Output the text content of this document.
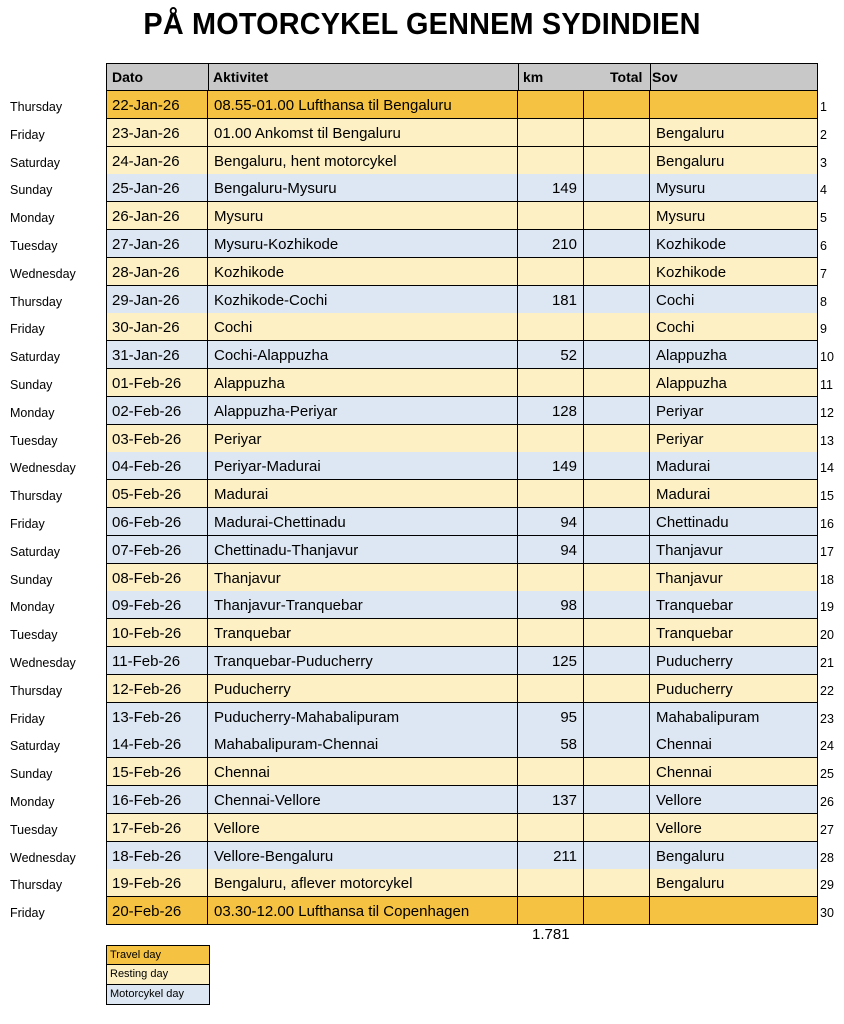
PÅ MOTORCYKEL GENNEM SYDINDIEN
Dato	Aktivitet	km	Total Sov
Thursday	22-Jan-26 08.55-01.00 Lufthansa til Bengaluru	1
Friday	23-Jan-26 01.00 Ankomst til Bengaluru	Bengaluru	2
Saturday	24-Jan-26 Bengaluru, hent motorcykel	Bengaluru	3
Sunday	25-Jan-26 Bengaluru-Mysuru	149	Mysuru	4
Monday	26-Jan-26 Mysuru	Mysuru	5
Tuesday	27-Jan-26 Mysuru-Kozhikode	210	Kozhikode	6
Wednesday 28-Jan-26 Kozhikode	Kozhikode	7
Thursday	29-Jan-26 Kozhikode-Cochi	181	Cochi	8
Friday	30-Jan-26 Cochi	Cochi	9
Saturday	31-Jan-26 Cochi-Alappuzha	52	Alappuzha	10
Sunday	01-Feb-26 Alappuzha	Alappuzha	11
Monday	02-Feb-26 Alappuzha-Periyar	128	Periyar	12
Tuesday	03-Feb-26 Periyar	Periyar	13
Wednesday 04-Feb-26 Periyar-Madurai	149	Madurai	14
Thursday	05-Feb-26 Madurai	Madurai	15
Friday	06-Feb-26 Madurai-Chettinadu	94	Chettinadu	16
Saturday	07-Feb-26 Chettinadu-Thanjavur	94	Thanjavur	17
Sunday	08-Feb-26 Thanjavur	Thanjavur	18
Monday	09-Feb-26 Thanjavur-Tranquebar	98	Tranquebar	19
Tuesday	10-Feb-26 Tranquebar	Tranquebar	20
Wednesday 11-Feb-26 Tranquebar-Puducherry	125	Puducherry	21
Thursday	12-Feb-26 Puducherry	Puducherry	22
Friday	13-Feb-26 Puducherry-Mahabalipuram	95	Mahabalipuram	23
Saturday	14-Feb-26 Mahabalipuram-Chennai	58	Chennai	24
Sunday	15-Feb-26 Chennai	Chennai	25
Monday	16-Feb-26 Chennai-Vellore	137	Vellore	26
Tuesday	17-Feb-26 Vellore	Vellore	27
Wednesday 18-Feb-26 Vellore-Bengaluru	211	Bengaluru	28
Thursday	19-Feb-26 Bengaluru, aflever motorcykel	Bengaluru	29
Friday	20-Feb-26 03.30-12.00 Lufthansa til Copenhagen	30
1.781
Travel day
Resting day
Motorcykel day
